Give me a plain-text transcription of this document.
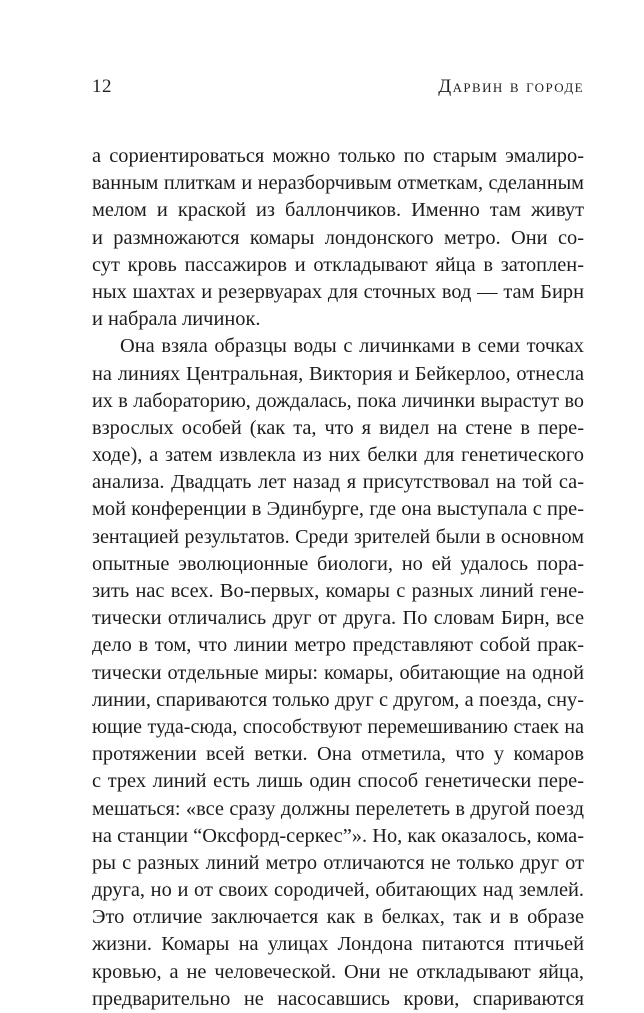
12	Дарвин в городе
а сориентироваться можно только по старым эмалиро-
ванным плиткам и неразборчивым отметкам, сделанным
мелом и краской из баллончиков. Именно там живут
и размножаются комары лондонского метро. Они со-
сут кровь пассажиров и откладывают яйца в затоплен-
ных шахтах и резервуарах для сточных вод — там Бирн
и набрала личинок.
Она взяла образцы воды с личинками в семи точках
на линиях Центральная, Виктория и Бейкерлоо, отнесла
их в лабораторию, дождалась, пока личинки вырастут во
взрослых особей (как та, что я видел на стене в пере-
ходе), а затем извлекла из них белки для генетического
анализа. Двадцать лет назад я присутствовал на той са-
мой конференции в Эдинбурге, где она выступала с пре-
зентацией результатов. Среди зрителей были в основном
опытные эволюционные биологи, но ей удалось пора-
зить нас всех. Во-первых, комары с разных линий гене-
тически отличались друг от друга. По словам Бирн, все
дело в том, что линии метро представляют собой прак-
тически отдельные миры: комары, обитающие на одной
линии, спариваются только друг с другом, а поезда, сну-
ющие туда-сюда, способствуют перемешиванию стаек на
протяжении всей ветки. Она отметила, что у комаров
с трех линий есть лишь один способ генетически пере-
мешаться: «все сразу должны перелететь в другой поезд
на станции “Оксфорд-серкес”». Но, как оказалось, кома-
ры с разных линий метро отличаются не только друг от
друга, но и от своих сородичей, обитающих над землей.
Это отличие заключается как в белках, так и в образе
жизни. Комары на улицах Лондона питаются птичьей
кровью, а не человеческой. Они не откладывают яйца,
предварительно не насосавшись крови, спариваются
